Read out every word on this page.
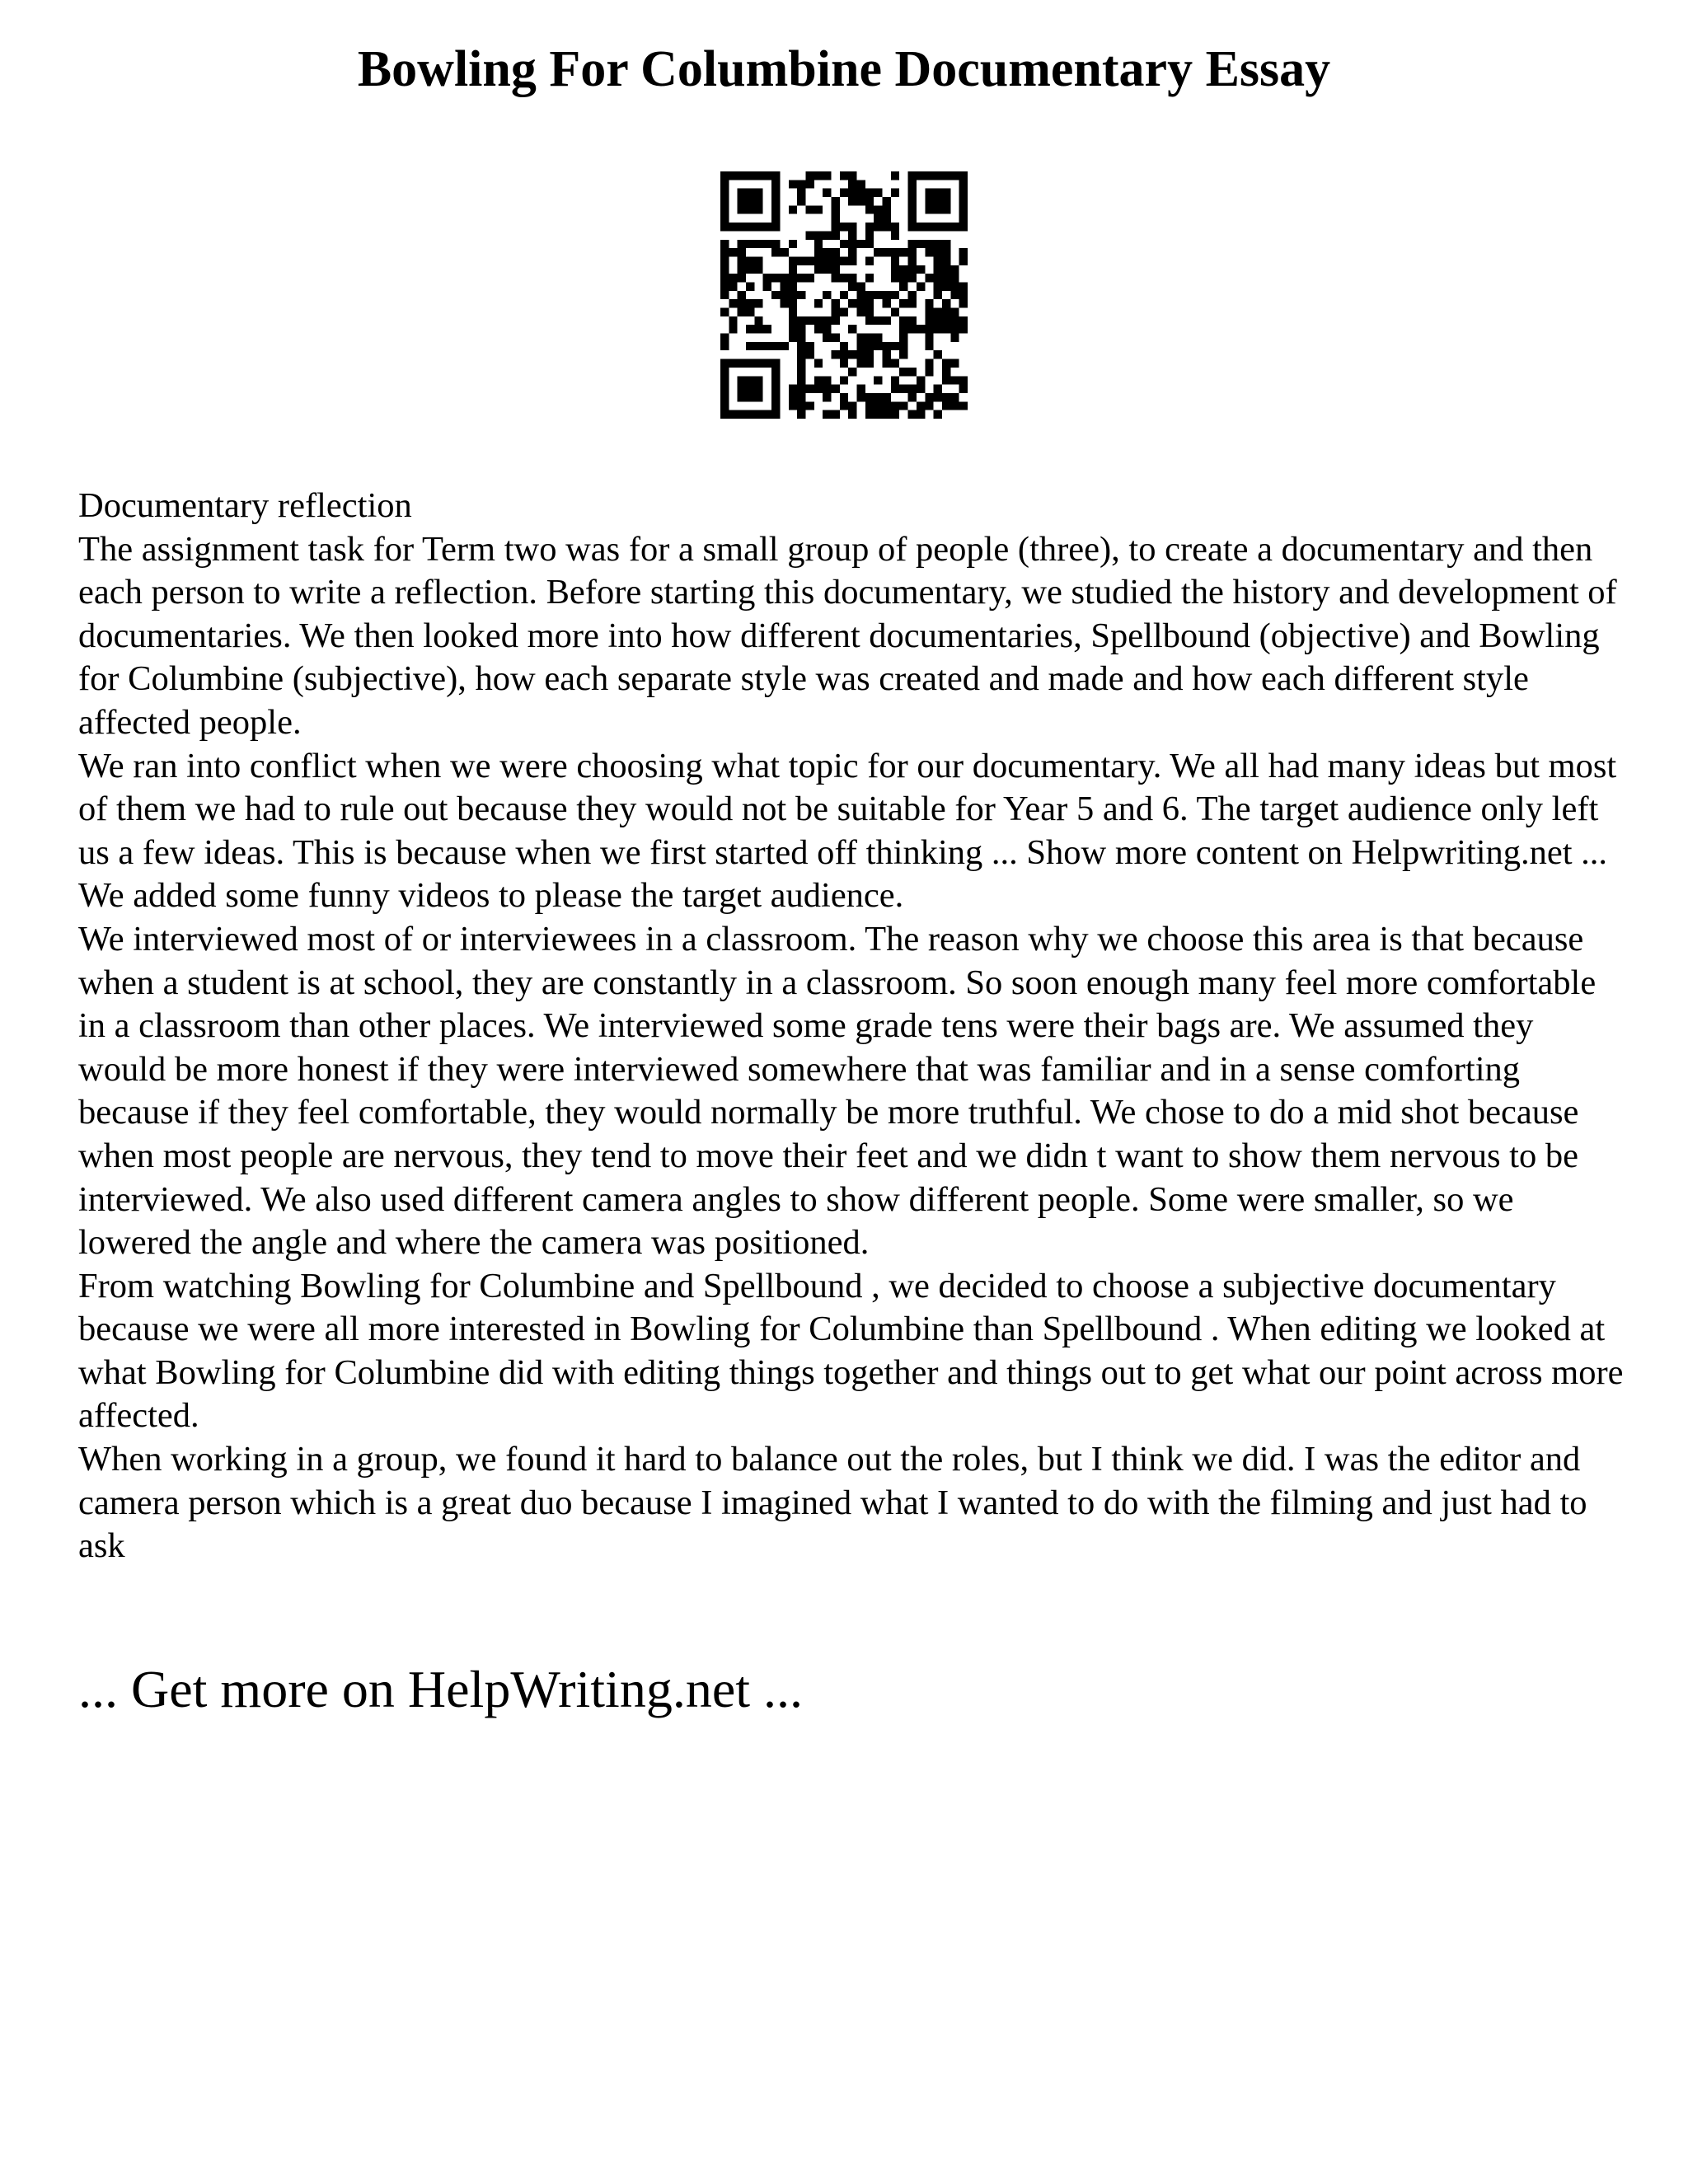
Bowling For Columbine Documentary Essay

Documentary reflection

The assignment task for Term two was for a small group of people (three), to create a documentary and then each person to write a reflection. Before starting this documentary, we studied the history and development of documentaries. We then looked more into how different documentaries, Spellbound (objective) and Bowling for Columbine (subjective), how each separate style was created and made and how each different style affected people.

We ran into conflict when we were choosing what topic for our documentary. We all had many ideas but most of them we had to rule out because they would not be suitable for Year 5 and 6. The target audience only left us a few ideas. This is because when we first started off thinking ... Show more content on Helpwriting.net ...

We added some funny videos to please the target audience.

We interviewed most of or interviewees in a classroom. The reason why we choose this area is that because when a student is at school, they are constantly in a classroom. So soon enough many feel more comfortable in a classroom than other places. We interviewed some grade tens were their bags are. We assumed they would be more honest if they were interviewed somewhere that was familiar and in a sense comforting because if they feel comfortable, they would normally be more truthful. We chose to do a mid shot because when most people are nervous, they tend to move their feet and we didn t want to show them nervous to be interviewed. We also used different camera angles to show different people. Some were smaller, so we lowered the angle and where the camera was positioned.

From watching Bowling for Columbine and Spellbound , we decided to choose a subjective documentary because we were all more interested in Bowling for Columbine than Spellbound . When editing we looked at what Bowling for Columbine did with editing things together and things out to get what our point across more affected.

When working in a group, we found it hard to balance out the roles, but I think we did. I was the editor and camera person which is a great duo because I imagined what I wanted to do with the filming and just had to ask

... Get more on HelpWriting.net ...
